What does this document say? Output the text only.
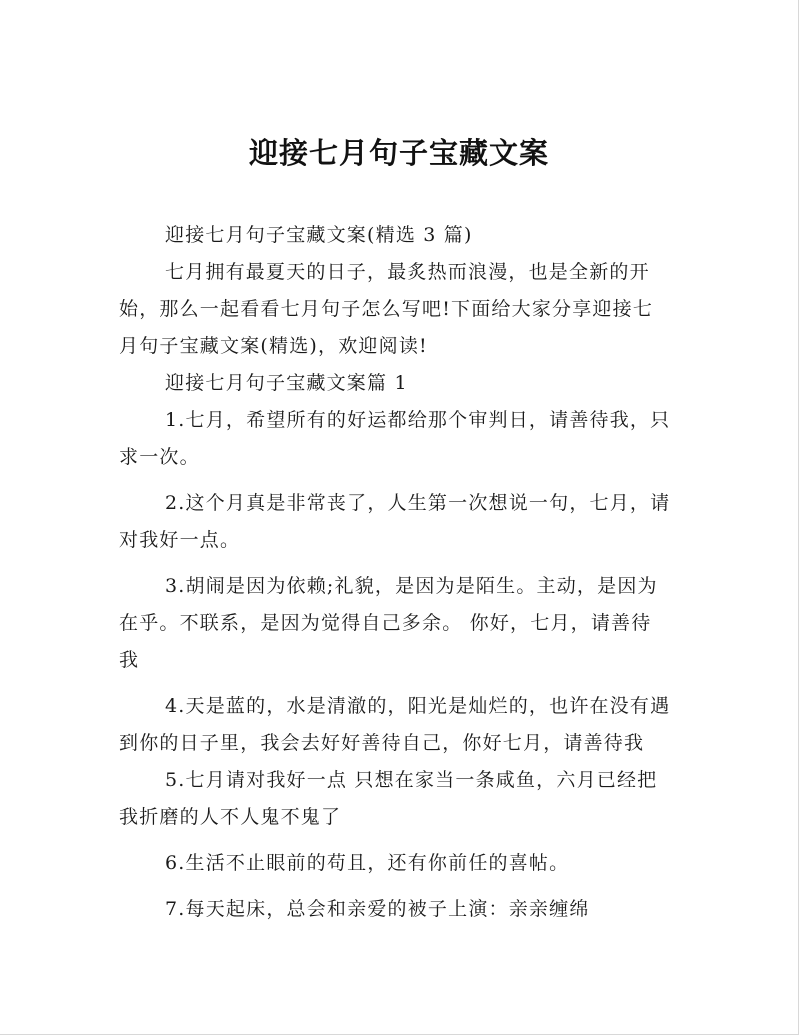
迎接七月句子宝藏文案
迎接七月句子宝藏文案(精选 3 篇)
七月拥有最夏天的日子，最炙热而浪漫，也是全新的开
始，那么一起看看七月句子怎么写吧!下面给大家分享迎接七
月句子宝藏文案(精选)，欢迎阅读!
迎接七月句子宝藏文案篇 1
1.七月，希望所有的好运都给那个审判日，请善待我，只
求一次。
2.这个月真是非常丧了，人生第一次想说一句，七月，请
对我好一点。
3.胡闹是因为依赖;礼貌，是因为是陌生。主动，是因为
在乎。不联系，是因为觉得自己多余。 你好，七月，请善待
我
4.天是蓝的，水是清澈的，阳光是灿烂的，也许在没有遇
到你的日子里，我会去好好善待自己，你好七月，请善待我
5.七月请对我好一点 只想在家当一条咸鱼，六月已经把
我折磨的人不人鬼不鬼了
6.生活不止眼前的苟且，还有你前任的喜帖。
7.每天起床，总会和亲爱的被子上演：亲亲缠绵
